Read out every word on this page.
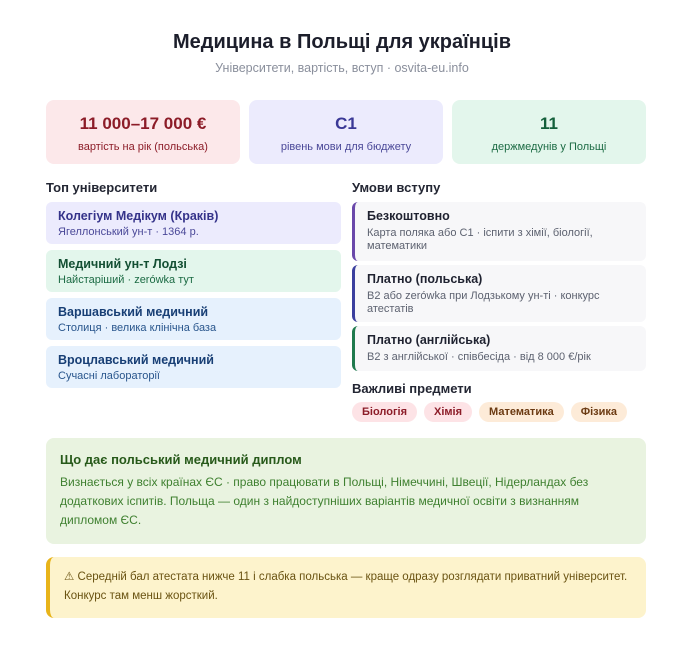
Медицина в Польщі для українців
Університети, вартість, вступ · osvita-eu.info
11 000–17 000 €
вартість на рік (польська)
C1
рівень мови для бюджету
11
держмедунів у Польщі
Топ університети
Колегіум Медікум (Краків)
Ягеллонський ун-т · 1364 р.
Медичний ун-т Лодзі
Найстаріший · zerówka тут
Варшавський медичний
Столиця · велика клінічна база
Вроцлавський медичний
Сучасні лабораторії
Умови вступу
Безкоштовно
Карта поляка або C1 · іспити з хімії, біології, математики
Платно (польська)
B2 або zerówka при Лодзькому ун-ті · конкурс атестатів
Платно (англійська)
B2 з англійської · співбесіда · від 8 000 €/рік
Важливі предмети
Біологія	Хімія	Математика	Фізика
Що дає польський медичний диплом
Визнається у всіх країнах ЄС · право працювати в Польщі, Німеччині, Швеції, Нідерландах без додаткових іспитів. Польща — один з найдоступніших варіантів медичної освіти з визнанням дипломом ЄС.
⚠ Середній бал атестата нижче 11 і слабка польська — краще одразу розглядати приватний університет. Конкурс там менш жорсткий.
